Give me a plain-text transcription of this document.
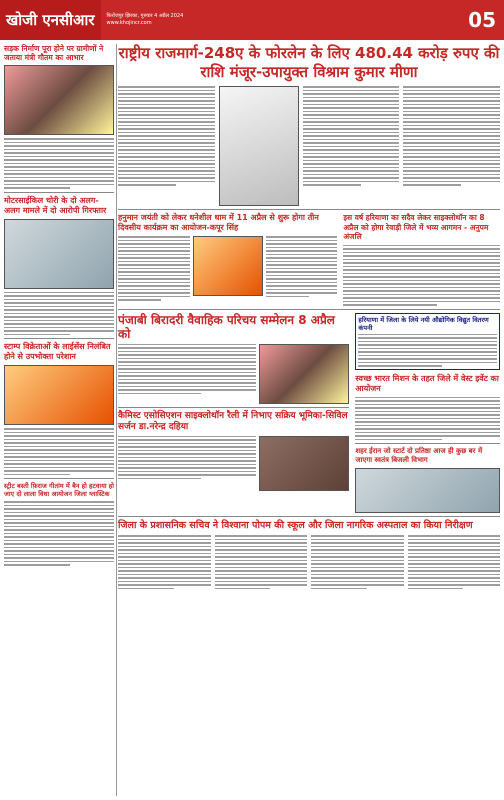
खोजी एनसीआर	फिरोजपुर झिरका, गुरुवार 4 अप्रैल 2024
www.khojincr.com	05
सड़क निर्माण पूरा होने पर ग्रामीणों ने जताया मंत्री गौतम का आभार
मोटरसाईकिल चोरी के दो अलग-अलग मामले में दो आरोपी गिरफ्तार
स्टाम्प विक्रेताओं के लाईसेंस निलंबित होने से उपभोक्ता परेशान
स्ट्रीट बस्ती फ़िराज गीतांम में बैन हो हटवाया हो जाए दो लाला विधा आयोजन जिला ग्लास्टिक
राष्ट्रीय राजमार्ग-248ए के फोरलेन के लिए 480.44 करोड़ रुपए की राशि मंजूर-उपायुक्त विश्राम कुमार मीणा
हनुमान जयंती को लेकर धनेशील धाम में 11 अप्रैल से शुरू होगा तीन दिवसीय कार्यक्रम का आयोजन-कपूर सिंह
इस वर्ष हरियाणा का सदैव लेकर साइक्लोथॉन का 8 अप्रैल को होगा रेवाड़ी जिले में भव्य आगमन - अनुपम अंजलि
पंजाबी बिरादरी वैवाहिक परिचय सम्मेलन 8 अप्रैल को
कैमिस्ट एसोसिएशन साइक्लोथॉन रैली में निभाए सक्रिय भूमिका-सिविल सर्जन डा.नरेन्द्र दहिया
हरियाणा में जिला के लिये नयी औद्योगिक विद्युत वितरण कंपनी
स्वच्छ भारत मिशन के तहत जिले में वेस्ट इवेंट का आयोजन
शहर ईरान जो स्टार्ट दो प्रतिष्ठा आज ही कुछ बर में जाएगा स्वतंत्र बिजली विभाग
जिला के प्रशासनिक सचिव ने विश्वाना पोपम की स्कूल और जिला नागरिक अस्पताल का किया निरीक्षण
